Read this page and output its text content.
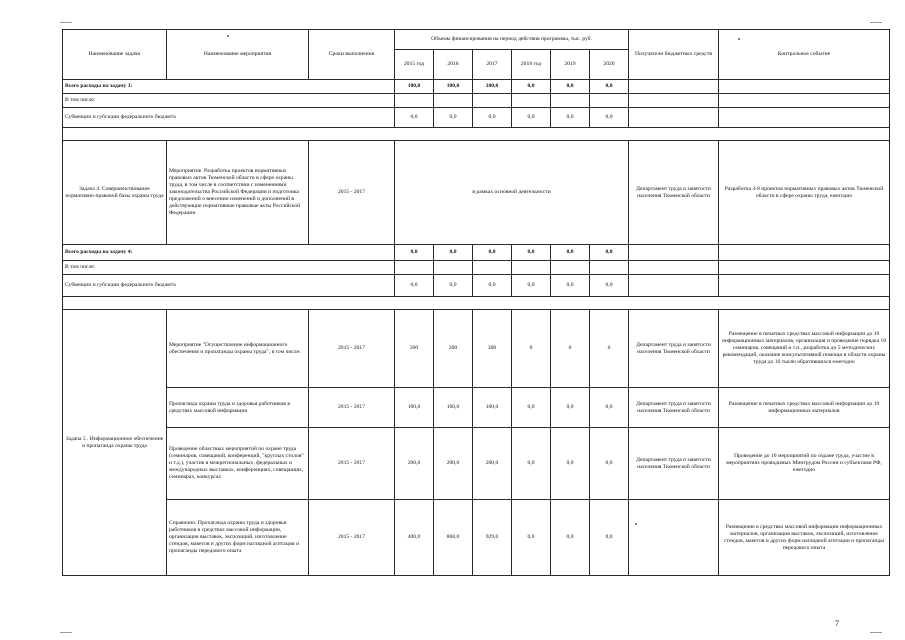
Наименование задачи	Наименование мероприятия	Сроки выполнения	Объемы финансирования на период действия программы, тыс. руб.						Получатели бюджетных средств	Контрольное событие
			2015 год	2016	2017	2018 год	2019	2020		
Всего расходы на задачу 3:			100,0	100,0	100,0	0,0	0,0	0,0		
В том числе:										
Субвенции и субсидии федерального бюджета			0,0	0,0	0,0	0,0	0,0	0,0		

Задача 4. Совершенствование нормативно-правовой базы охраны труда	Мероприятие. Разработка проектов нормативных правовых актов Тюменской области в сфере охраны труда, в том числе в соответствии с изменениями законодательства Российской Федерации и подготовка предложений о внесении изменений и дополнений в действующие нормативные правовые акты Российской Федерации	2015 - 2017	в рамках основной деятельности						Департамент труда и занятости населения Тюменской области	Разработка 4-8 проектов нормативных правовых актов Тюменской области в сфере охраны труда, ежегодно
Всего расходы на задачу 4:			0,0	0,0	0,0	0,0	0,0	0,0		
В том числе:										
Субвенции и субсидии федерального бюджета			0,0	0,0	0,0	0,0	0,0	0,0		

Задача 5 . Информационное обеспечение и пропаганда охраны труда	Мероприятие "Осуществление информационного обеспечения и пропаганды охраны труда", в том числе:	2015 - 2017	300	300	300	0	0	0	Департамент труда и занятости населения Тюменской области	Размещение в печатных средствах массовой информации до 10 информационных материалов, организация и проведение порядка 10 семинаров, совещаний и т.п., разработка до 5 методических рекомендаций, оказание консультативной помощи в области охраны труда до 10 тысяч обратившихся ежегодно
	Пропаганда охраны труда и здоровья работников в средствах массовой информации	2015 - 2017	100,0	100,0	100,0	0,0	0,0	0,0	Департамент труда и занятости населения Тюменской области	Размещение в печатных средствах массовой информации до 10 информационных материалов
	Проведение областных мероприятий по охране труда (семинаров, совещаний, конференций, "круглых столов" и т.д.), участие в межрегиональных, федеральных и международных выставках, конференциях, совещаниях, семинарах, конкурсах	2015 - 2017	200,0	200,0	200,0	0,0	0,0	0,0	Департамент труда и занятости населения Тюменской области	Проведение до 10 мероприятий по охране труда, участие в мероприятиях проводимых Минтрудом России и субъектами РФ, ежегодно
	Справочно: Пропаганда охраны труда и здоровья работников в средствах массовой информации, организация выставок, экспозиций, изготовление стендов, макетов и других форм наглядной агитации и пропаганды передового опыта	2015 - 2017	400,0	868,0	929,0	0,0	0,0	0,0		Размещение в средствах массовой информации информационных материалов, организация выставок, экспозиций, изготовление стендов, макетов и других форм наглядной агитации и пропаганды передового опыта
7
